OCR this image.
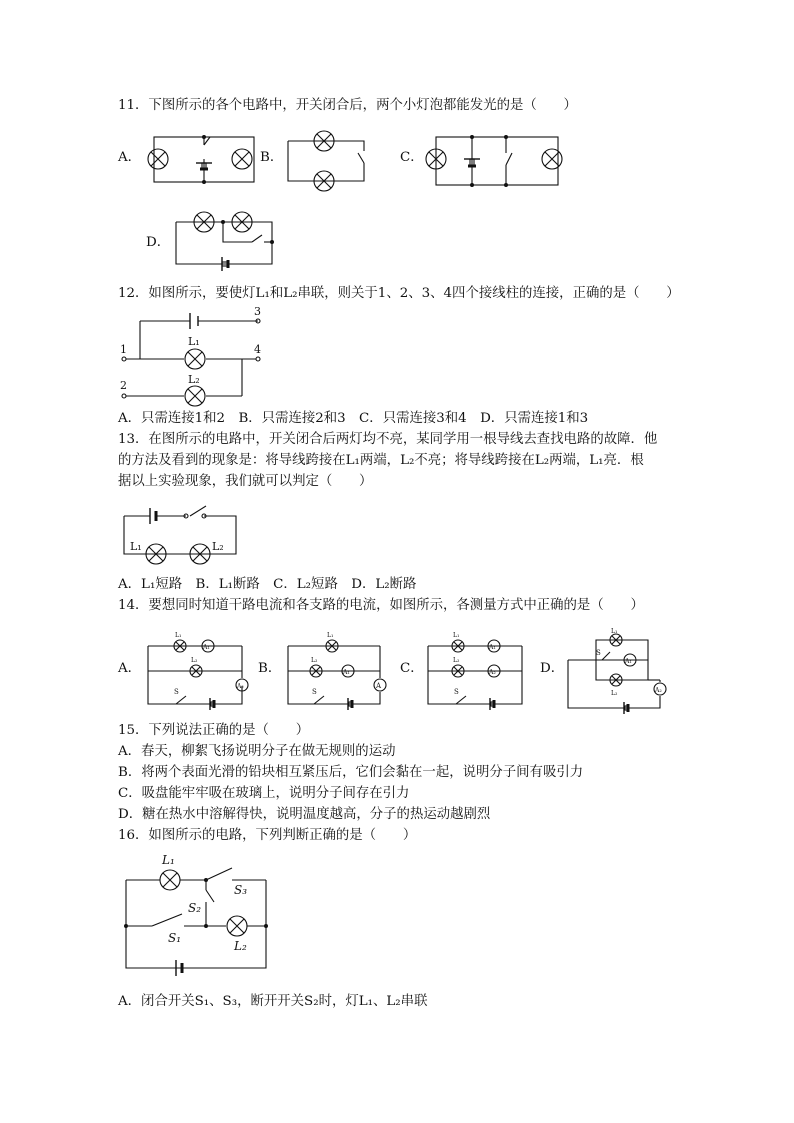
11．下图所示的各个电路中，开关闭合后，两个小灯泡都能发光的是（　　）
A．	B．	C．
D．
12．如图所示，要使灯L₁和L₂串联，则关于1、2、3、4四个接线柱的连接，正确的是（　　）
3
1	4
L₁
2	L₂
A．只需连接1和2　B．只需连接2和3　C．只需连接3和4　D．只需连接1和3
13．在图所示的电路中，开关闭合后两灯均不亮，某同学用一根导线去查找电路的故障．他
的方法及看到的现象是：将导线跨接在L₁两端，L₂不亮；将导线跨接在L₂两端，L₁亮．根
据以上实验现象，我们就可以判定（　　）
L₁	L₂
A．L₁短路　B．L₁断路　C．L₂短路　D．L₂断路
14．要想同时知道干路电流和各支路的电流，如图所示，各测量方式中正确的是（　　）
A．
L₁
A₁
L₂
A₂
S
B．
L₁
L₂
A₁
A
S
C．
L₁
A₁
L₂
A₂
S
D．
L₁
S
A₁
L₂	A₂
15．下列说法正确的是（　　）
A．春天，柳絮飞扬说明分子在做无规则的运动
B．将两个表面光滑的铅块相互紧压后，它们会黏在一起，说明分子间有吸引力
C．吸盘能牢牢吸在玻璃上，说明分子间存在引力
D．糖在热水中溶解得快，说明温度越高，分子的热运动越剧烈
16．如图所示的电路，下列判断正确的是（　　）
L₁
S₃
S₂
S₁
L₂
A．闭合开关S₁、S₃，断开开关S₂时，灯L₁、L₂串联
